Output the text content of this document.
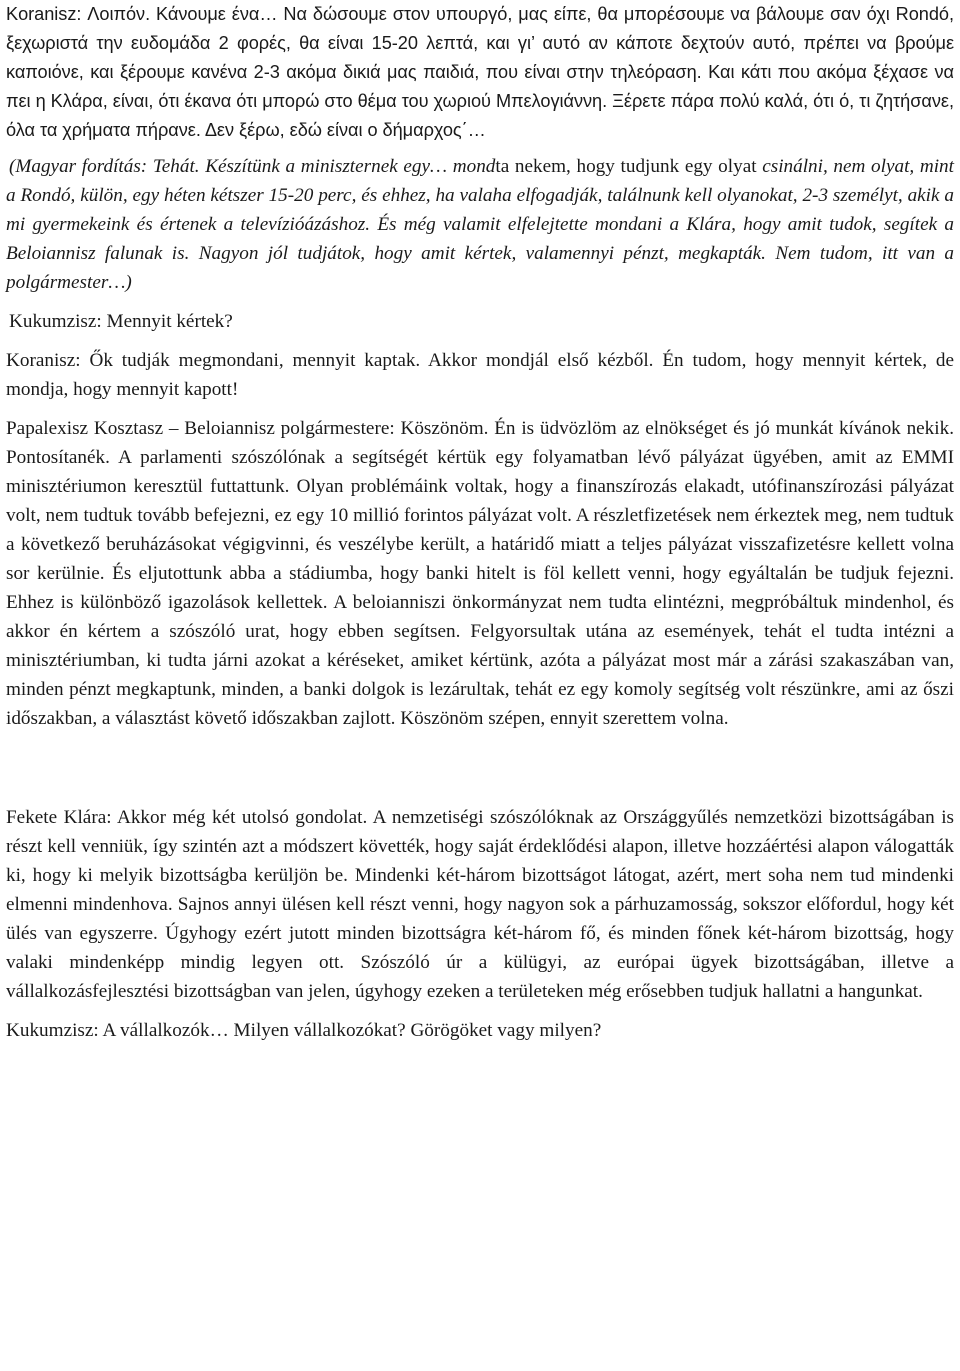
Koranisz: Λοιπόν. Κάνουμε ένα… Να δώσουμε στον υπουργό, μας είπε, θα μπορέσουμε να βάλουμε σαν όχι Rondó, ξεχωριστά την ευδομάδα 2 φορές, θα είναι 15-20 λεπτά, και γι’ αυτό αν κάποτε δεχτούν αυτό, πρέπει να βρούμε καποιόνε, και ξέρουμε κανένα 2-3 ακόμα δικιά μας παιδιά, που είναι στην τηλεόραση. Και κάτι που ακόμα ξέχασε να πει η Κλάρα, είναι, ότι έκανα ότι μπορώ στο θέμα του χωριού Μπελογιάννη. Ξέρετε πάρα πολύ καλά, ότι ό, τι ζητήσανε, όλα τα χρήματα πήρανε. Δεν ξέρω, εδώ είναι ο δήμαρχος΄…

(Magyar fordítás: Tehát. Készítünk a miniszternek egy… mondta nekem, hogy tudjunk egy olyat csinálni, nem olyat, mint a Rondó, külön, egy héten kétszer 15-20 perc, és ehhez, ha valaha elfogadják, találnunk kell olyanokat, 2-3 személyt, akik a mi gyermekeink és értenek a televízióázáshoz. És még valamit elfelejtette mondani a Klára, hogy amit tudok, segítek a Beloiannisz falunak is. Nagyon jól tudjátok, hogy amit kértek, valamennyi pénzt, megkapták. Nem tudom, itt van a polgármester…)

Kukumzisz: Mennyit kértek?

Koranisz: Ők tudják megmondani, mennyit kaptak. Akkor mondjál első kézből. Én tudom, hogy mennyit kértek, de mondja, hogy mennyit kapott!

Papalexisz Kosztasz – Beloiannisz polgármestere: Köszönöm. Én is üdvözlöm az elnökséget és jó munkát kívánok nekik. Pontosítanék. A parlamenti szószólónak a segítségét kértük egy folyamatban lévő pályázat ügyében, amit az EMMI minisztériumon keresztül futtattunk. Olyan problémáink voltak, hogy a finanszírozás elakadt, utófinanszírozási pályázat volt, nem tudtuk tovább befejezni, ez egy 10 millió forintos pályázat volt. A részletfizetések nem érkeztek meg, nem tudtuk a következő beruházásokat végigvinni, és veszélybe került, a határidő miatt a teljes pályázat visszafizetésre kellett volna sor kerülnie. És eljutottunk abba a stádiumba, hogy banki hitelt is föl kellett venni, hogy egyáltalán be tudjuk fejezni. Ehhez is különböző igazolások kellettek. A beloianniszi önkormányzat nem tudta elintézni, megpróbáltuk mindenhol, és akkor én kértem a szószóló urat, hogy ebben segítsen. Felgyorsultak utána az események, tehát el tudta intézni a minisztériumban, ki tudta járni azokat a kéréseket, amiket kértünk, azóta a pályázat most már a zárási szakaszában van, minden pénzt megkaptunk, minden, a banki dolgok is lezárultak, tehát ez egy komoly segítség volt részünkre, ami az őszi időszakban, a választást követő időszakban zajlott. Köszönöm szépen, ennyit szerettem volna.

Fekete Klára: Akkor még két utolsó gondolat. A nemzetiségi szószólóknak az Országgyűlés nemzetközi bizottságában is részt kell venniük, így szintén azt a módszert követték, hogy saját érdeklődési alapon, illetve hozzáértési alapon válogatták ki, hogy ki melyik bizottságba kerüljön be. Mindenki két-három bizottságot látogat, azért, mert soha nem tud mindenki elmenni mindenhova. Sajnos annyi ülésen kell részt venni, hogy nagyon sok a párhuzamosság, sokszor előfordul, hogy két ülés van egyszerre. Úgyhogy ezért jutott minden bizottságra két-három fő, és minden főnek két-három bizottság, hogy valaki mindenképp mindig legyen ott. Szószóló úr a külügyi, az európai ügyek bizottságában, illetve a vállalkozásfejlesztési bizottságban van jelen, úgyhogy ezeken a területeken még erősebben tudjuk hallatni a hangunkat.

Kukumzisz: A vállalkozók… Milyen vállalkozókat? Görögöket vagy milyen?
